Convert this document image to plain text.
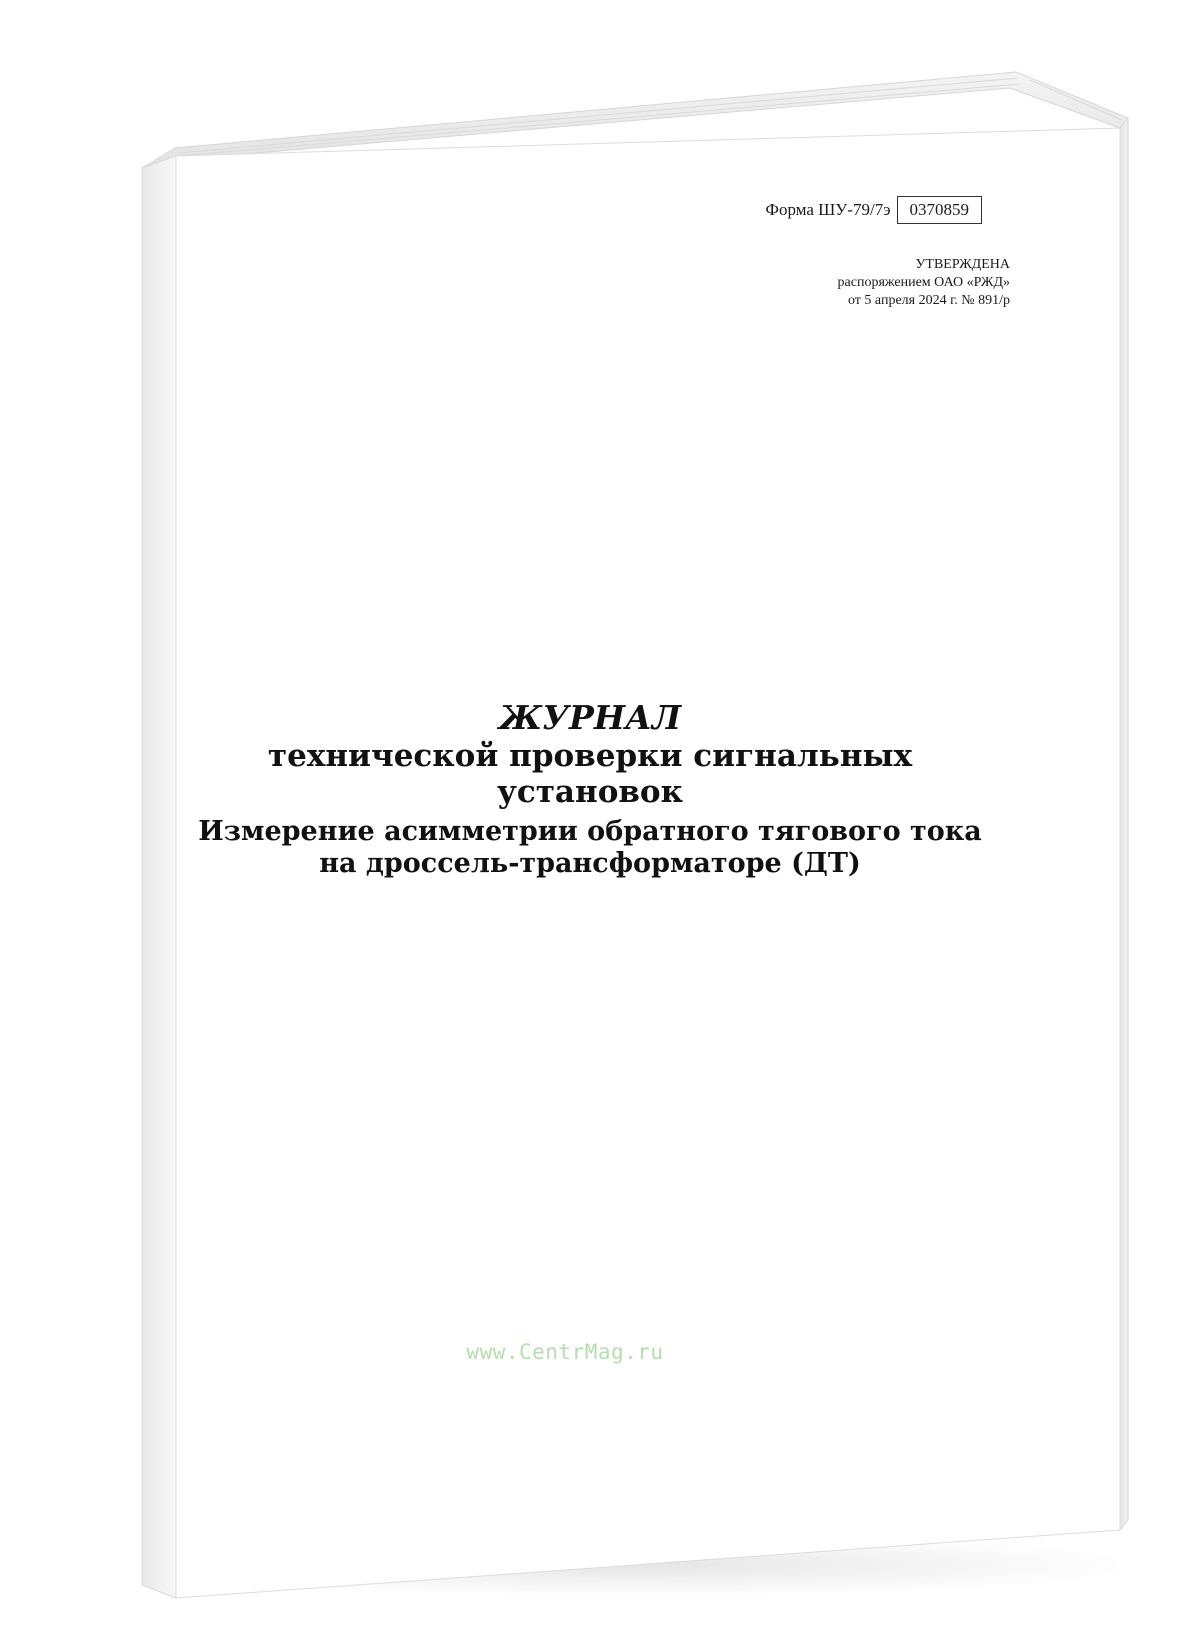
Форма ШУ-79/7э	0370859
УТВЕРЖДЕНА
распоряжением ОАО «РЖД»
от 5 апреля 2024 г. № 891/р
ЖУРНАЛ
технической проверки сигнальных
установок
Измерение асимметрии обратного тягового тока
на дроссель-трансформаторе (ДТ)
www.CentrMag.ru
